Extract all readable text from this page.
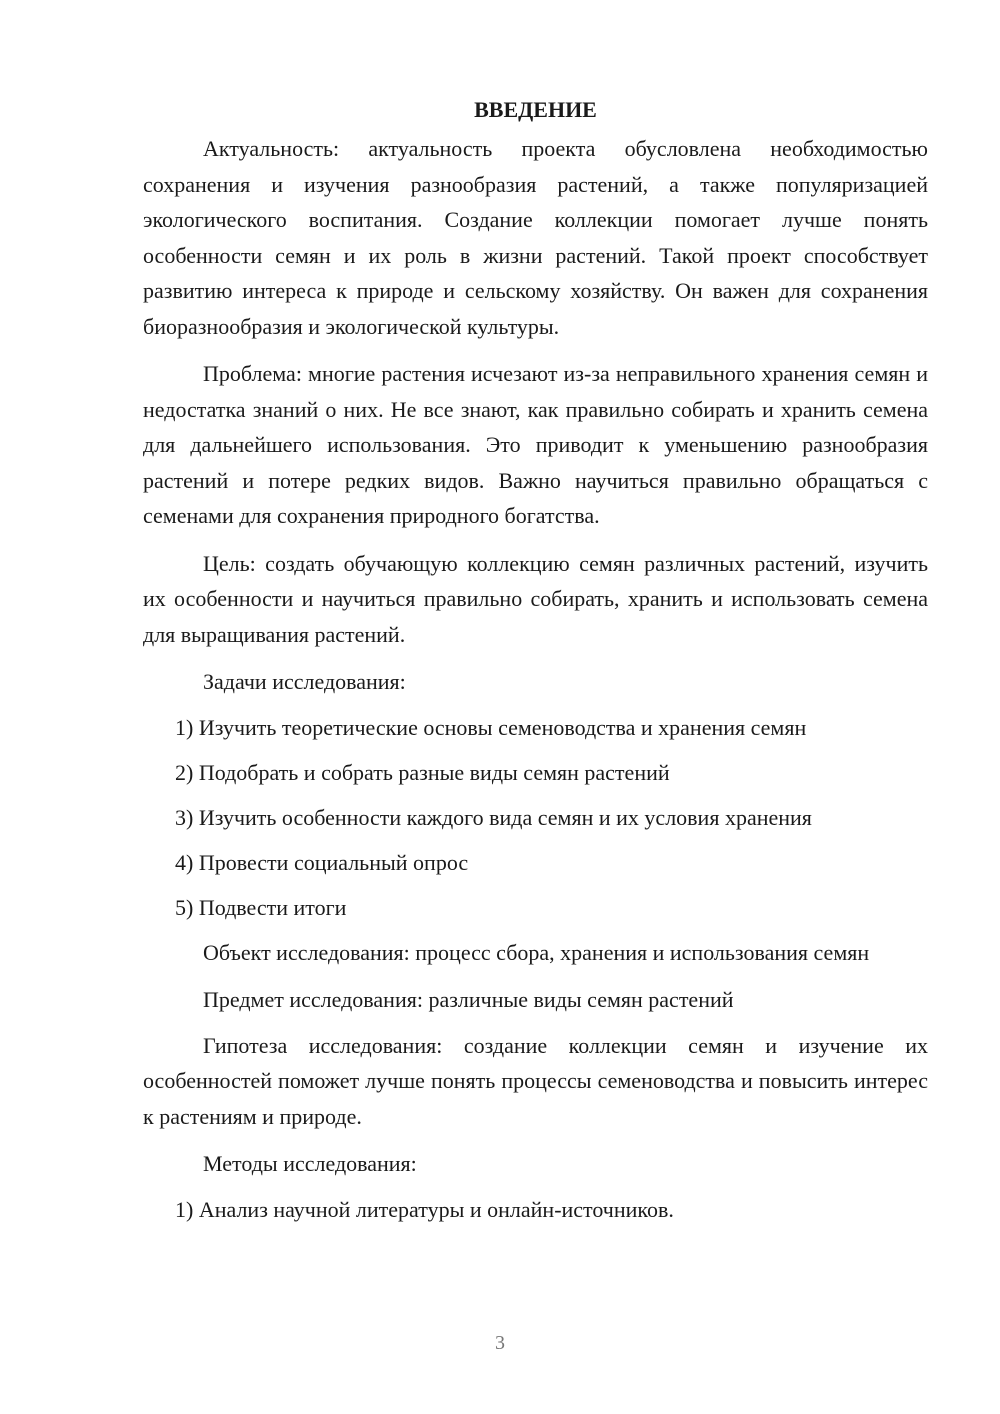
ВВЕДЕНИЕ

Актуальность: актуальность проекта обусловлена необходимостью сохранения и изучения разнообразия растений, а также популяризацией экологического воспитания. Создание коллекции помогает лучше понять особенности семян и их роль в жизни растений. Такой проект способствует развитию интереса к природе и сельскому хозяйству. Он важен для сохранения биоразнообразия и экологической культуры.

Проблема: многие растения исчезают из-за неправильного хранения семян и недостатка знаний о них. Не все знают, как правильно собирать и хранить семена для дальнейшего использования. Это приводит к уменьшению разнообразия растений и потере редких видов. Важно научиться правильно обращаться с семенами для сохранения природного богатства.

Цель: создать обучающую коллекцию семян различных растений, изучить их особенности и научиться правильно собирать, хранить и использовать семена для выращивания растений.

Задачи исследования:

1) Изучить теоретические основы семеноводства и хранения семян
2) Подобрать и собрать разные виды семян растений
3) Изучить особенности каждого вида семян и их условия хранения
4) Провести социальный опрос
5) Подвести итоги

Объект исследования: процесс сбора, хранения и использования семян

Предмет исследования: различные виды семян растений

Гипотеза исследования: создание коллекции семян и изучение их особенностей поможет лучше понять процессы семеноводства и повысить интерес к растениям и природе.

Методы исследования:

1) Анализ научной литературы и онлайн-источников.
3
